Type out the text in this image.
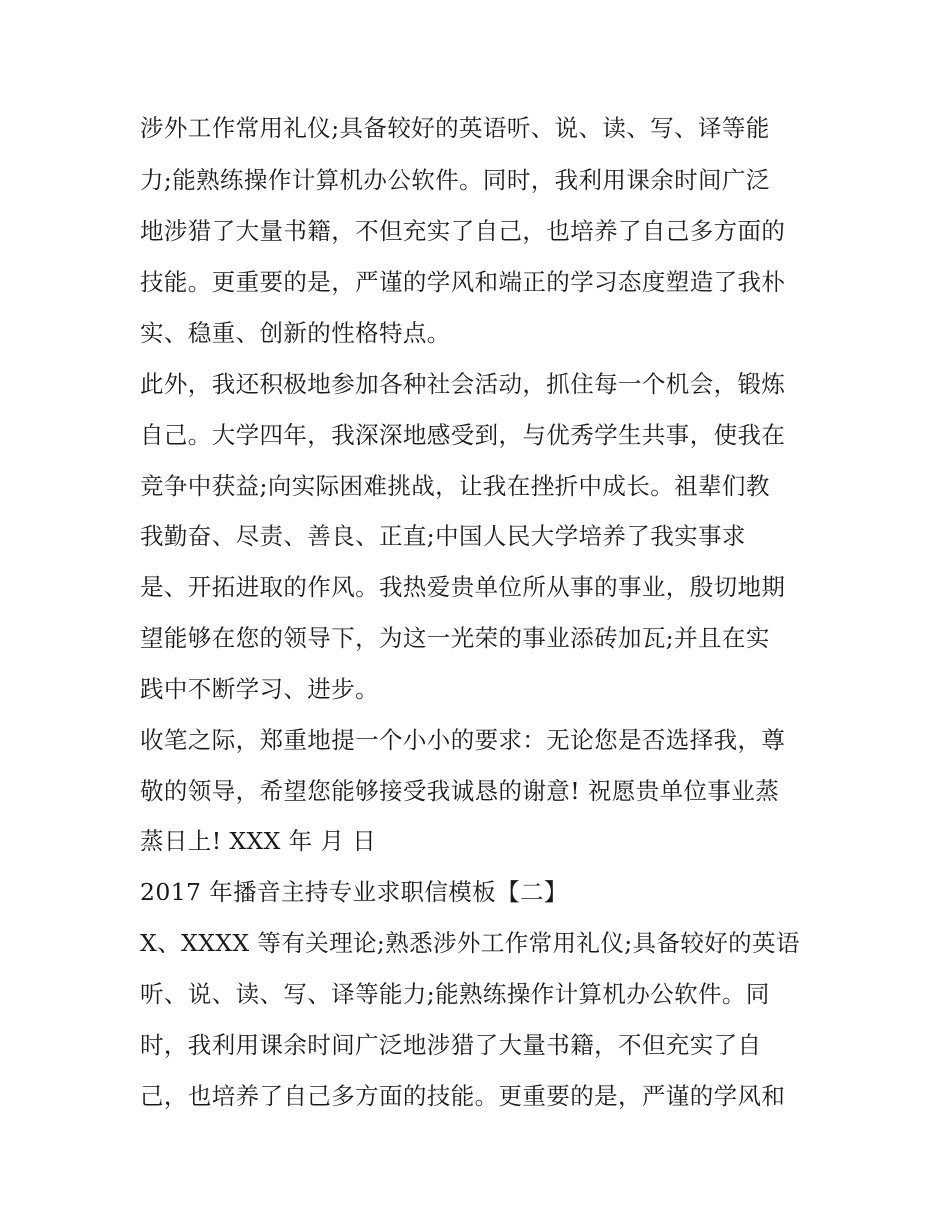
涉外工作常用礼仪;具备较好的英语听、说、读、写、译等能
力;能熟练操作计算机办公软件。同时，我利用课余时间广泛
地涉猎了大量书籍，不但充实了自己，也培养了自己多方面的
技能。更重要的是，严谨的学风和端正的学习态度塑造了我朴
实、稳重、创新的性格特点。
此外，我还积极地参加各种社会活动，抓住每一个机会，锻炼
自己。大学四年，我深深地感受到，与优秀学生共事，使我在
竞争中获益;向实际困难挑战，让我在挫折中成长。祖辈们教
我勤奋、尽责、善良、正直;中国人民大学培养了我实事求
是、开拓进取的作风。我热爱贵单位所从事的事业，殷切地期
望能够在您的领导下，为这一光荣的事业添砖加瓦;并且在实
践中不断学习、进步。
收笔之际，郑重地提一个小小的要求：无论您是否选择我，尊
敬的领导，希望您能够接受我诚恳的谢意! 祝愿贵单位事业蒸
蒸日上! XXX 年 月 日
2017 年播音主持专业求职信模板【二】
X、XXXX 等有关理论;熟悉涉外工作常用礼仪;具备较好的英语
听、说、读、写、译等能力;能熟练操作计算机办公软件。同
时，我利用课余时间广泛地涉猎了大量书籍，不但充实了自
己，也培养了自己多方面的技能。更重要的是，严谨的学风和
